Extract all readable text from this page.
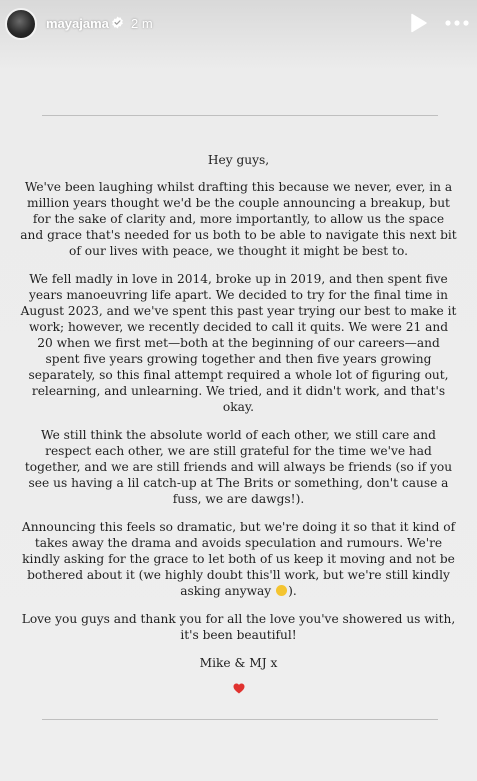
mayajama 2 m

Hey guys,

We've been laughing whilst drafting this because we never, ever, in a million years thought we'd be the couple announcing a breakup, but for the sake of clarity and, more importantly, to allow us the space and grace that's needed for us both to be able to navigate this next bit of our lives with peace, we thought it might be best to.

We fell madly in love in 2014, broke up in 2019, and then spent five years manoeuvring life apart. We decided to try for the final time in August 2023, and we've spent this past year trying our best to make it work; however, we recently decided to call it quits. We were 21 and 20 when we first met—both at the beginning of our careers—and spent five years growing together and then five years growing separately, so this final attempt required a whole lot of figuring out, relearning, and unlearning. We tried, and it didn't work, and that's okay.

We still think the absolute world of each other, we still care and respect each other, we are still grateful for the time we've had together, and we are still friends and will always be friends (so if you see us having a lil catch-up at The Brits or something, don't cause a fuss, we are dawgs!).

Announcing this feels so dramatic, but we're doing it so that it kind of takes away the drama and avoids speculation and rumours. We're kindly asking for the grace to let both of us keep it moving and not be bothered about it (we highly doubt this'll work, but we're still kindly asking anyway ).

Love you guys and thank you for all the love you've showered us with, it's been beautiful!

Mike & MJ x
